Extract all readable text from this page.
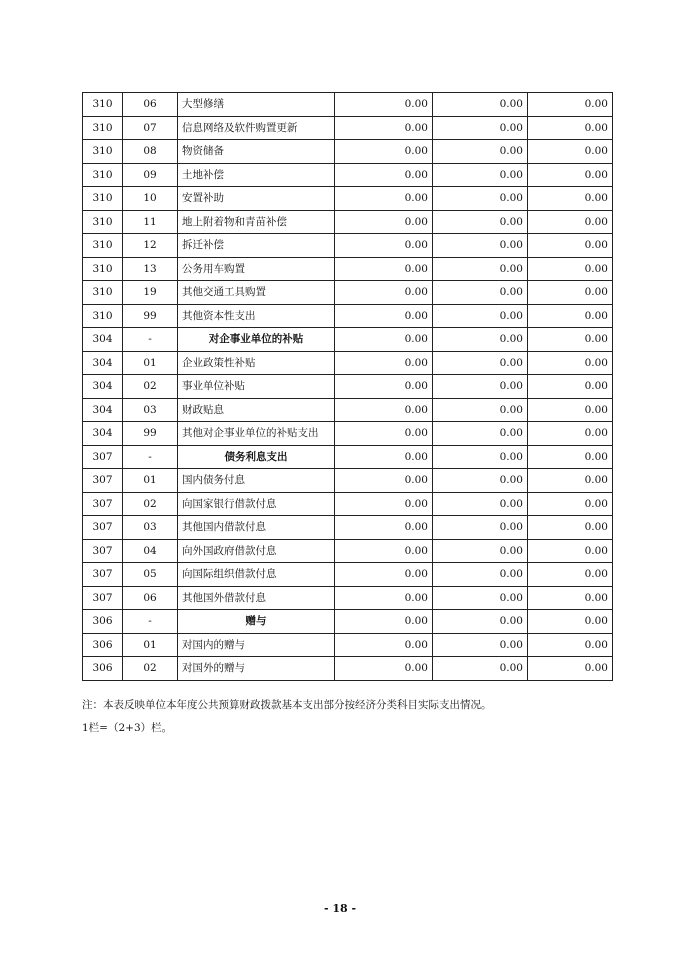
310	06	大型修缮	0.00	0.00	0.00
310	07	信息网络及软件购置更新	0.00	0.00	0.00
310	08	物资储备	0.00	0.00	0.00
310	09	土地补偿	0.00	0.00	0.00
310	10	安置补助	0.00	0.00	0.00
310	11	地上附着物和青苗补偿	0.00	0.00	0.00
310	12	拆迁补偿	0.00	0.00	0.00
310	13	公务用车购置	0.00	0.00	0.00
310	19	其他交通工具购置	0.00	0.00	0.00
310	99	其他资本性支出	0.00	0.00	0.00
304	-	对企事业单位的补贴	0.00	0.00	0.00
304	01	企业政策性补贴	0.00	0.00	0.00
304	02	事业单位补贴	0.00	0.00	0.00
304	03	财政贴息	0.00	0.00	0.00
304	99	其他对企事业单位的补贴支出	0.00	0.00	0.00
307	-	债务利息支出	0.00	0.00	0.00
307	01	国内债务付息	0.00	0.00	0.00
307	02	向国家银行借款付息	0.00	0.00	0.00
307	03	其他国内借款付息	0.00	0.00	0.00
307	04	向外国政府借款付息	0.00	0.00	0.00
307	05	向国际组织借款付息	0.00	0.00	0.00
307	06	其他国外借款付息	0.00	0.00	0.00
306	-	赠与	0.00	0.00	0.00
306	01	对国内的赠与	0.00	0.00	0.00
306	02	对国外的赠与	0.00	0.00	0.00
注：本表反映单位本年度公共预算财政拨款基本支出部分按经济分类科目实际支出情况。
1栏=（2+3）栏。
- 18 -
